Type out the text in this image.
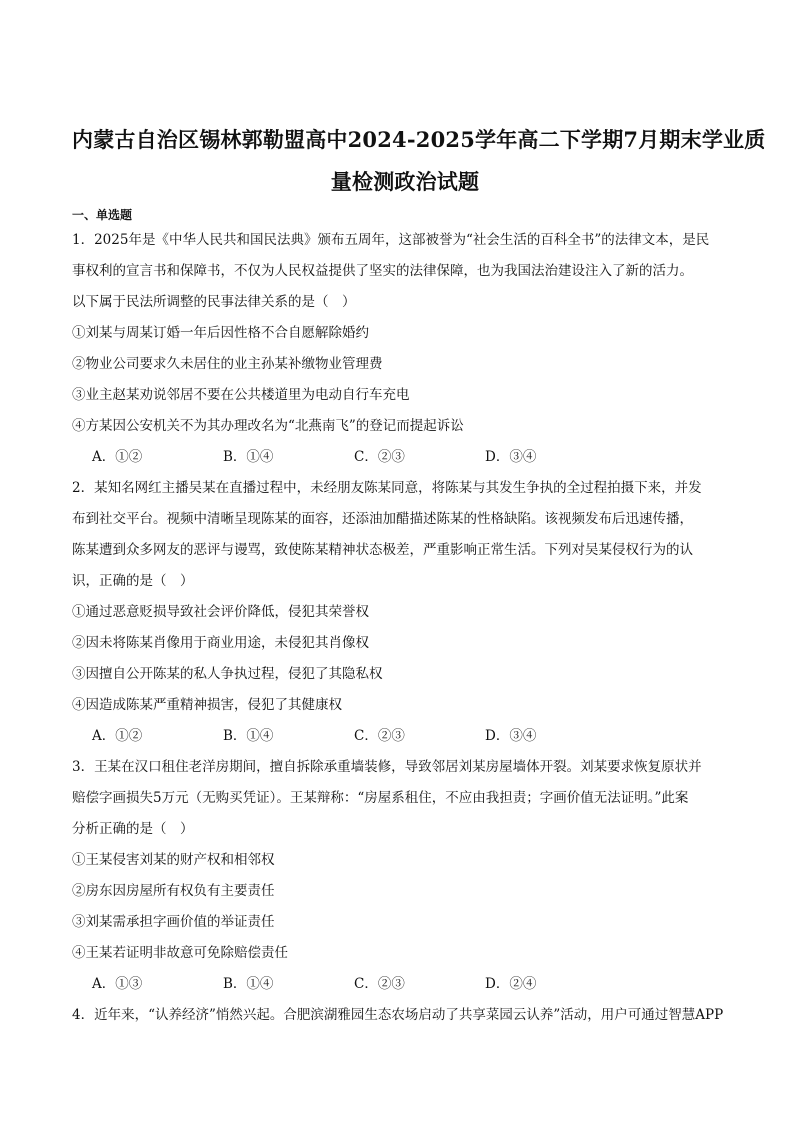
内蒙古自治区锡林郭勒盟高中2024-2025学年高二下学期7月期末学业质
量检测政治试题
一、单选题
1．2025年是《中华人民共和国民法典》颁布五周年，这部被誉为“社会生活的百科全书”的法律文本，是民
事权利的宣言书和保障书，不仅为人民权益提供了坚实的法律保障，也为我国法治建设注入了新的活力。
以下属于民法所调整的民事法律关系的是（　）
①刘某与周某订婚一年后因性格不合自愿解除婚约
②物业公司要求久未居住的业主孙某补缴物业管理费
③业主赵某劝说邻居不要在公共楼道里为电动自行车充电
④方某因公安机关不为其办理改名为“北燕南飞”的登记而提起诉讼
A．①②	B．①④	C．②③	D．③④
2．某知名网红主播吴某在直播过程中，未经朋友陈某同意，将陈某与其发生争执的全过程拍摄下来，并发
布到社交平台。视频中清晰呈现陈某的面容，还添油加醋描述陈某的性格缺陷。该视频发布后迅速传播，
陈某遭到众多网友的恶评与谩骂，致使陈某精神状态极差，严重影响正常生活。下列对吴某侵权行为的认
识，正确的是（　）
①通过恶意贬损导致社会评价降低，侵犯其荣誉权
②因未将陈某肖像用于商业用途，未侵犯其肖像权
③因擅自公开陈某的私人争执过程，侵犯了其隐私权
④因造成陈某严重精神损害，侵犯了其健康权
A．①②	B．①④	C．②③	D．③④
3．王某在汉口租住老洋房期间，擅自拆除承重墙装修，导致邻居刘某房屋墙体开裂。刘某要求恢复原状并
赔偿字画损失5万元（无购买凭证）。王某辩称：“房屋系租住，不应由我担责；字画价值无法证明。”此案
分析正确的是（　）
①王某侵害刘某的财产权和相邻权
②房东因房屋所有权负有主要责任
③刘某需承担字画价值的举证责任
④王某若证明非故意可免除赔偿责任
A．①③	B．①④	C．②③	D．②④
4．近年来，“认养经济”悄然兴起。合肥滨湖雅园生态农场启动了共享菜园云认养”活动，用户可通过智慧APP
